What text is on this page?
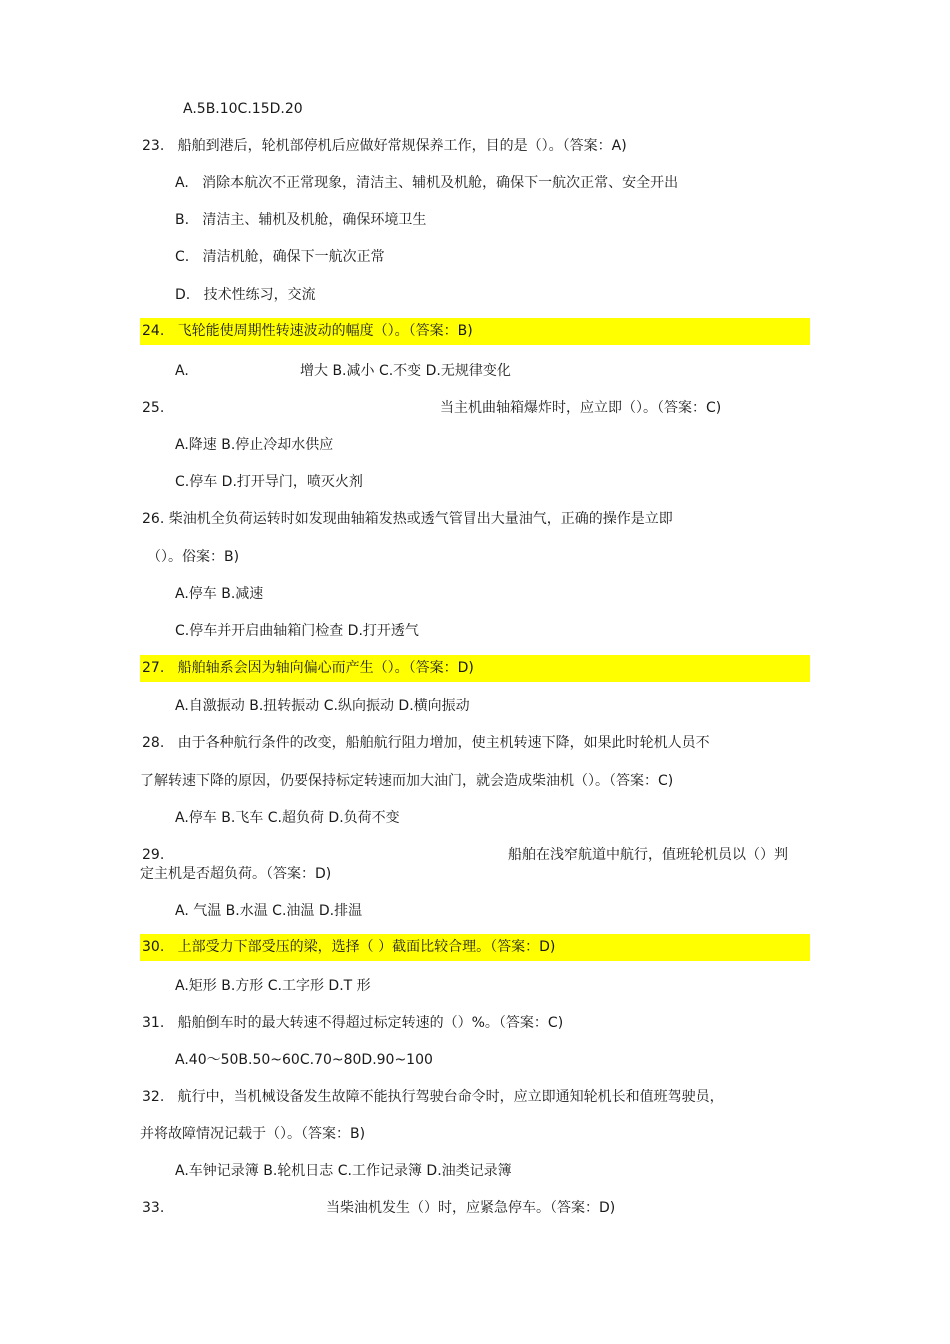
A.5B.10C.15D.20
23.   船舶到港后，轮机部停机后应做好常规保养工作，目的是（）。（答案：A)
A.   消除本航次不正常现象，清洁主、辅机及机舱，确保下一航次正常、安全开出
B.   清洁主、辅机及机舱，确保环境卫生
C.   清洁机舱，确保下一航次正常
D.   技术性练习，交流
24.   飞轮能使周期性转速波动的幅度（）。（答案：B)
A.	增大 B.减小 C.不变 D.无规律变化
25.	当主机曲轴箱爆炸时，应立即（）。（答案：C)
A.降速 B.停止冷却水供应
C.停车 D.打开导门，喷灭火剂
26. 柴油机全负荷运转时如发现曲轴箱发热或透气管冒出大量油气，正确的操作是立即
（）。俗案：B)
A.停车 B.减速
C.停车并开启曲轴箱门检查 D.打开透气
27.   船舶轴系会因为轴向偏心而产生（）。（答案：D)
A.自激振动 B.扭转振动 C.纵向振动 D.横向振动
28.   由于各种航行条件的改变，船舶航行阻力增加，使主机转速下降，如果此时轮机人员不
了解转速下降的原因，仍要保持标定转速而加大油门，就会造成柴油机（）。（答案：C)
A.停车 B.飞车 C.超负荷 D.负荷不变
29.	船舶在浅窄航道中航行，值班轮机员以（）判
定主机是否超负荷。（答案：D)
A. 气温 B.水温 C.油温 D.排温
30.   上部受力下部受压的梁，选择（ ）截面比较合理。（答案：D)
A.矩形 B.方形 C.工字形 D.T 形
31.   船舶倒车时的最大转速不得超过标定转速的（）%。（答案：C)
A.40～50B.50~60C.70~80D.90~100
32.   航行中，当机械设备发生故障不能执行驾驶台命令时，应立即通知轮机长和值班驾驶员，
并将故障情况记载于（）。（答案：B)
A.车钟记录簿 B.轮机日志 C.工作记录簿 D.油类记录簿
33.	当柴油机发生（）时，应紧急停车。（答案：D)
